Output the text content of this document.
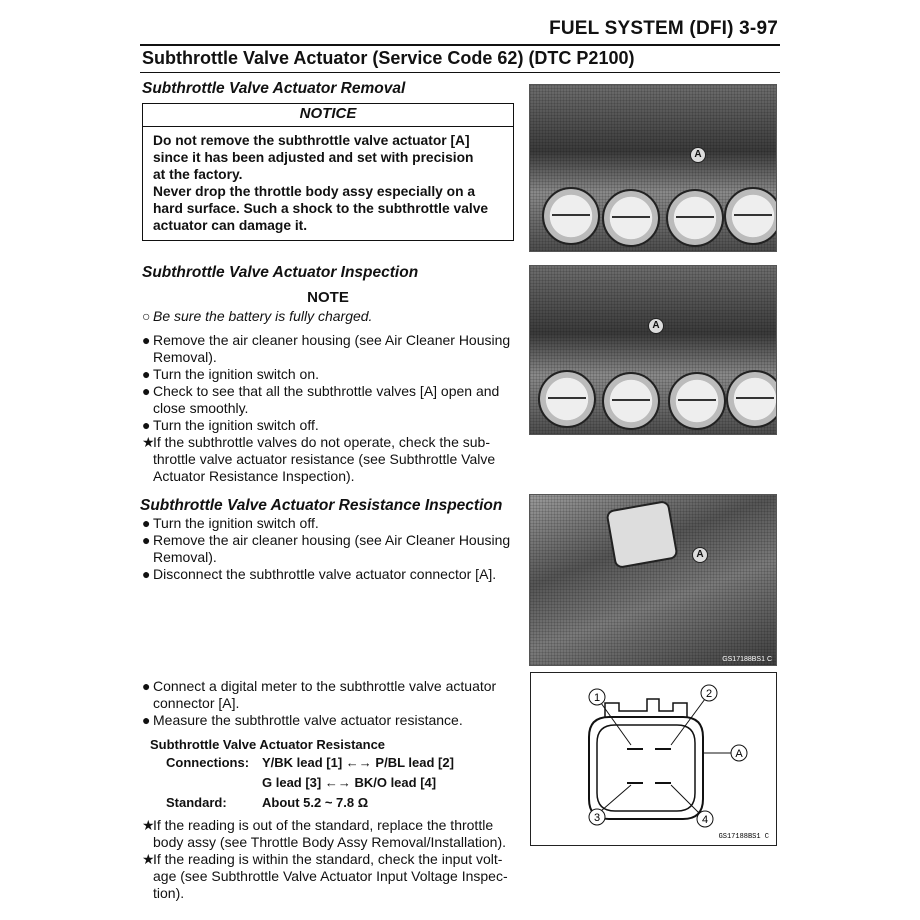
FUEL SYSTEM (DFI) 3-97
Subthrottle Valve Actuator (Service Code 62) (DTC P2100)
Subthrottle Valve Actuator Removal
NOTICE
Do not remove the subthrottle valve actuator [A]
since it has been adjusted and set with precision
at the factory.
Never drop the throttle body assy especially on a
hard surface. Such a shock to the subthrottle valve
actuator can damage it.
Subthrottle Valve Actuator Inspection
NOTE
○ Be sure the battery is fully charged.
● Remove the air cleaner housing (see Air Cleaner Housing
Removal).
● Turn the ignition switch on.
● Check to see that all the subthrottle valves [A] open and
close smoothly.
● Turn the ignition switch off.
★
If the subthrottle valves do not operate, check the sub-
throttle valve actuator resistance (see Subthrottle Valve
Actuator Resistance Inspection).
Subthrottle Valve Actuator Resistance Inspection
● Turn the ignition switch off.
● Remove the air cleaner housing (see Air Cleaner Housing
Removal).
● Disconnect the subthrottle valve actuator connector [A].
● Connect a digital meter to the subthrottle valve actuator
connector [A].
● Measure the subthrottle valve actuator resistance.
Subthrottle Valve Actuator Resistance
Connections: Y/BK lead [1] ←→ P/BL lead [2]
G lead [3] ←→ BK/O lead [4]
Standard:	About 5.2 ~ 7.8 Ω
★
If the reading is out of the standard, replace the throttle
body assy (see Throttle Body Assy Removal/Installation).
★
If the reading is within the standard, check the input volt-
age (see Subthrottle Valve Actuator Input Voltage Inspec-
tion).
A
A
A
GS17188BS1 C
1	2
3	4
A
GS17188BS1 C
